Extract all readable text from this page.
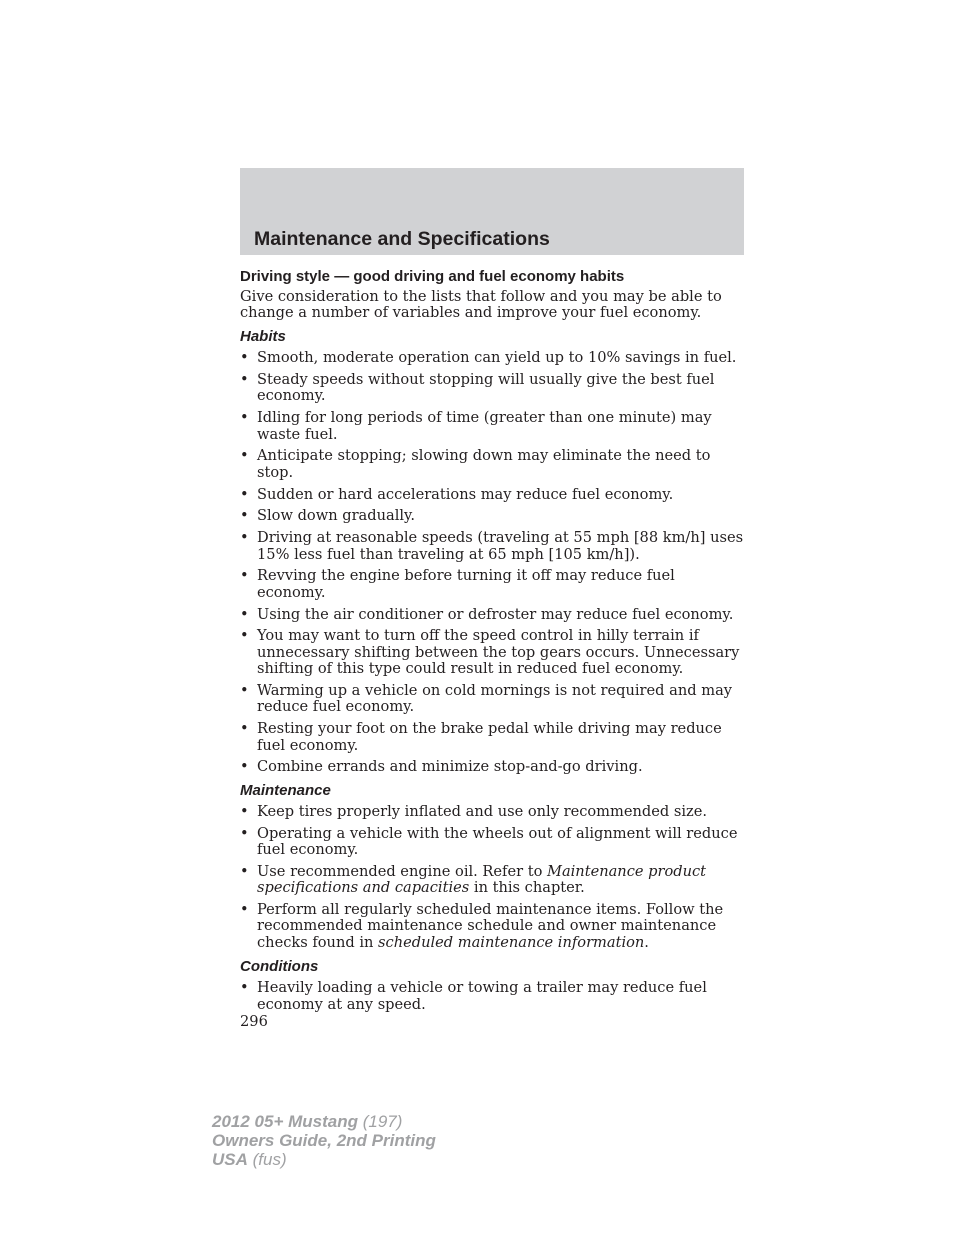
Maintenance and Specifications
Driving style — good driving and fuel economy habits

Give consideration to the lists that follow and you may be able to change a number of variables and improve your fuel economy.

Habits
• Smooth, moderate operation can yield up to 10% savings in fuel.
• Steady speeds without stopping will usually give the best fuel economy.
• Idling for long periods of time (greater than one minute) may waste fuel.
• Anticipate stopping; slowing down may eliminate the need to stop.
• Sudden or hard accelerations may reduce fuel economy.
• Slow down gradually.
• Driving at reasonable speeds (traveling at 55 mph [88 km/h] uses 15% less fuel than traveling at 65 mph [105 km/h]).
• Revving the engine before turning it off may reduce fuel economy.
• Using the air conditioner or defroster may reduce fuel economy.
• You may want to turn off the speed control in hilly terrain if unnecessary shifting between the top gears occurs. Unnecessary shifting of this type could result in reduced fuel economy.
• Warming up a vehicle on cold mornings is not required and may reduce fuel economy.
• Resting your foot on the brake pedal while driving may reduce fuel economy.
• Combine errands and minimize stop-and-go driving.
Maintenance
• Keep tires properly inflated and use only recommended size.
• Operating a vehicle with the wheels out of alignment will reduce fuel economy.
• Use recommended engine oil. Refer to Maintenance product specifications and capacities in this chapter.
• Perform all regularly scheduled maintenance items. Follow the recommended maintenance schedule and owner maintenance checks found in scheduled maintenance information.
Conditions
• Heavily loading a vehicle or towing a trailer may reduce fuel economy at any speed.
296
2012 05+ Mustang (197)
Owners Guide, 2nd Printing
USA (fus)
